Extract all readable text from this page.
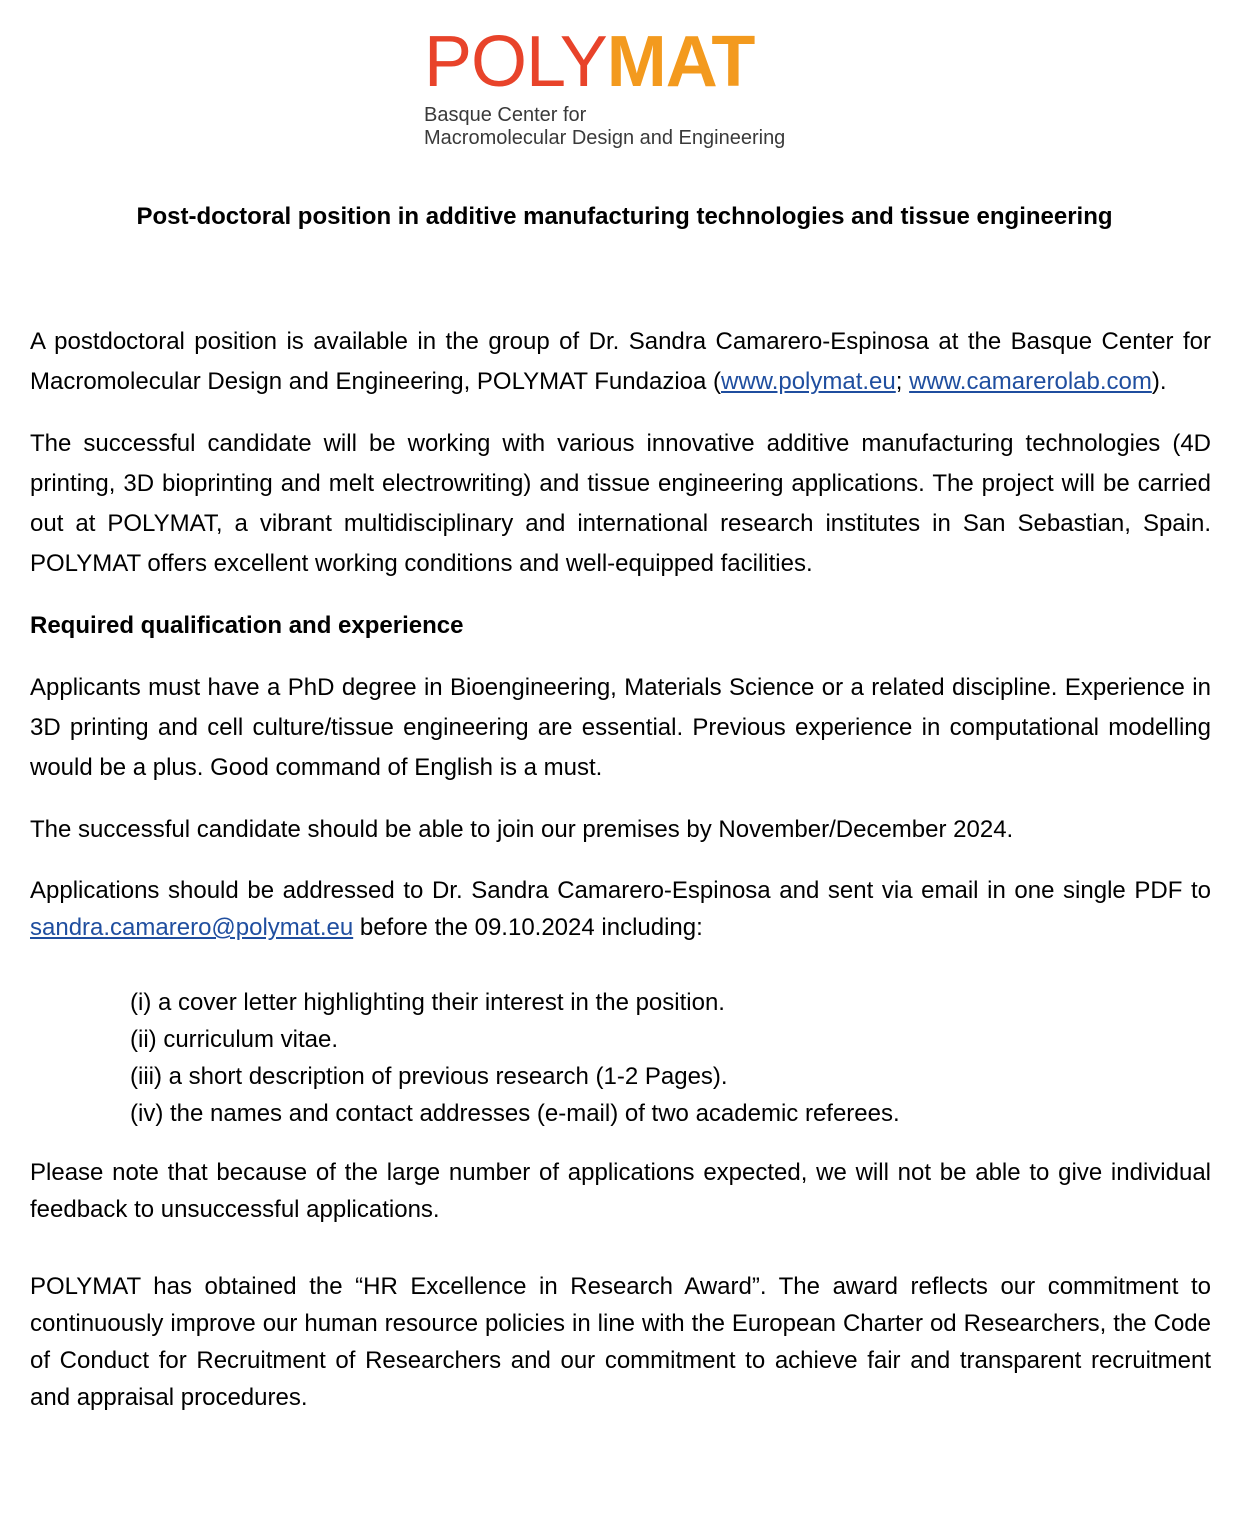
POLYMAT
Basque Center for
Macromolecular Design and Engineering
Post-doctoral position in additive manufacturing technologies and tissue engineering

A postdoctoral position is available in the group of Dr. Sandra Camarero-Espinosa at the Basque Center for Macromolecular Design and Engineering, POLYMAT Fundazioa (www.polymat.eu; www.camarerolab.com).

The successful candidate will be working with various innovative additive manufacturing technologies (4D printing, 3D bioprinting and melt electrowriting) and tissue engineering applications. The project will be carried out at POLYMAT, a vibrant multidisciplinary and international research institutes in San Sebastian, Spain. POLYMAT offers excellent working conditions and well-equipped facilities.

Required qualification and experience

Applicants must have a PhD degree in Bioengineering, Materials Science or a related discipline. Experience in 3D printing and cell culture/tissue engineering are essential. Previous experience in computational modelling would be a plus. Good command of English is a must.

The successful candidate should be able to join our premises by November/December 2024.

Applications should be addressed to Dr. Sandra Camarero-Espinosa and sent via email in one single PDF to sandra.camarero@polymat.eu before the 09.10.2024 including:

(i) a cover letter highlighting their interest in the position.
(ii) curriculum vitae.
(iii) a short description of previous research (1-2 Pages).
(iv) the names and contact addresses (e-mail) of two academic referees.

Please note that because of the large number of applications expected, we will not be able to give individual feedback to unsuccessful applications.

POLYMAT has obtained the “HR Excellence in Research Award”. The award reflects our commitment to continuously improve our human resource policies in line with the European Charter od Researchers, the Code of Conduct for Recruitment of Researchers and our commitment to achieve fair and transparent recruitment and appraisal procedures.
